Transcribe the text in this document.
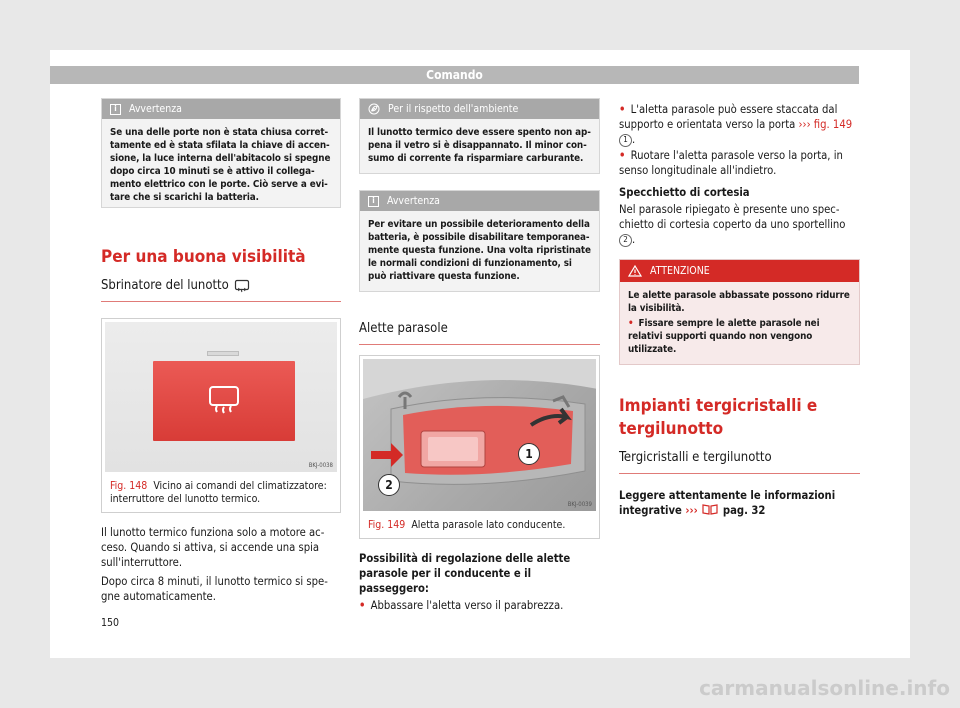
Comando
i	Avvertenza

Se una delle porte non è stata chiusa correttamente ed è stata sfilata la chiave di accensione, la luce interna dell'abitacolo si spegne dopo circa 10 minuti se è attivo il collegamento elettrico con le porte. Ciò serve a evitare che si scarichi la batteria.

Per una buona visibilità
Sbrinatore del lunotto
BKJ-0038
Fig. 148 Vicino ai comandi del climatizzatore: interruttore del lunotto termico.

Il lunotto termico funziona solo a motore acceso. Quando si attiva, si accende una spia sull'interruttore.

Dopo circa 8 minuti, il lunotto termico si spegne automaticamente.

Per il rispetto dell'ambiente

Il lunotto termico deve essere spento non appena il vetro si è disappannato. Il minor consumo di corrente fa risparmiare carburante.

i	Avvertenza

Per evitare un possibile deterioramento della batteria, è possibile disabilitare temporaneamente questa funzione. Una volta ripristinate le normali condizioni di funzionamento, si può riattivare questa funzione.

Alette parasole
1
2
BKJ-0039
Fig. 149 Aletta parasole lato conducente.

Possibilità di regolazione delle alette parasole per il conducente e il passeggero:

• Abbassare l'aletta verso il parabrezza.

• L'aletta parasole può essere staccata dal supporto e orientata verso la porta ››› fig. 149 1 .

• Ruotare l'aletta parasole verso la porta, in senso longitudinale all'indietro.

Specchietto di cortesia

Nel parasole ripiegato è presente uno specchietto di cortesia coperto da uno sportellino 2 .

ATTENZIONE

Le alette parasole abbassate possono ridurre la visibilità.

• Fissare sempre le alette parasole nei relativi supporti quando non vengono utilizzate.

Impianti tergicristalli e tergilunotto
Tergicristalli e tergilunotto

Leggere attentamente le informazioni integrative ››› pag. 32

150
carmanualsonline.info
